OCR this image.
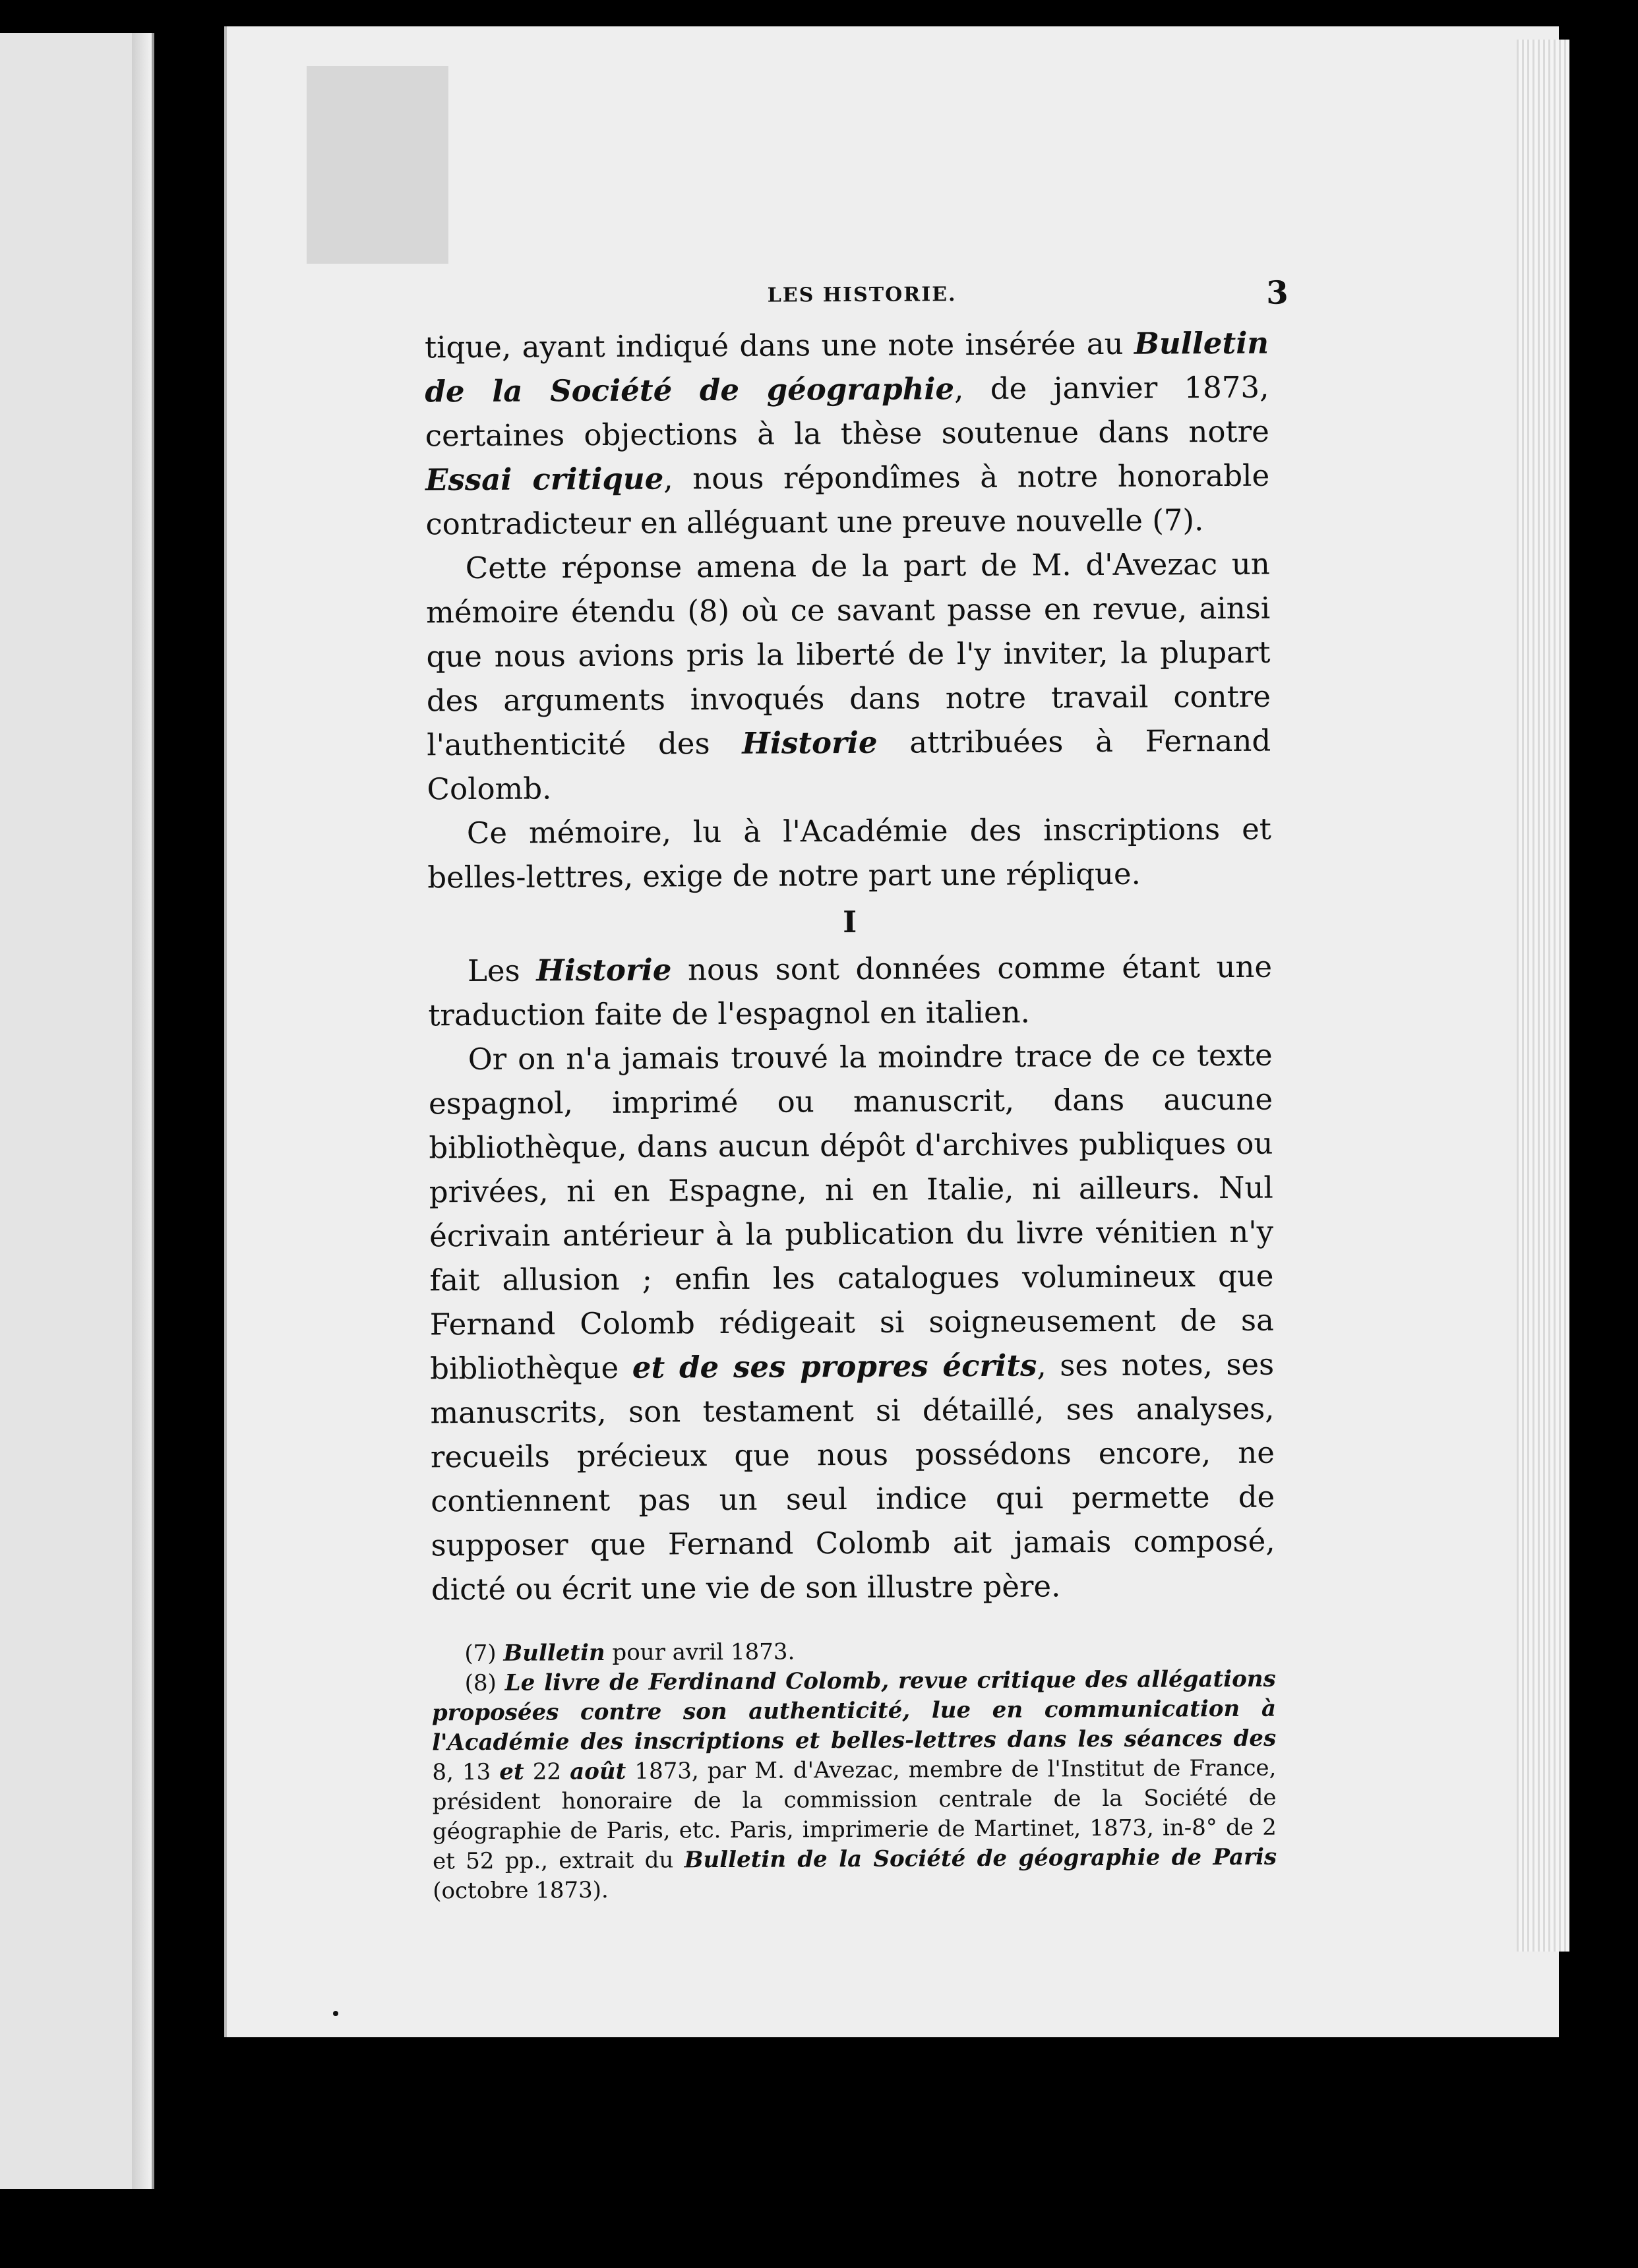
LES HISTORIE.	3

tique, ayant indiqué dans une note insérée au Bulletin de la Société de géographie, de janvier 1873, certaines objections à la thèse soutenue dans notre Essai critique, nous répondîmes à notre honorable contradicteur en alléguant une preuve nouvelle (7).

Cette réponse amena de la part de M. d'Avezac un mémoire étendu (8) où ce savant passe en revue, ainsi que nous avions pris la liberté de l'y inviter, la plupart des arguments invoqués dans notre travail contre l'authenticité des Historie attribuées à Fernand Colomb.

Ce mémoire, lu à l'Académie des inscriptions et belles-lettres, exige de notre part une réplique.

I

Les Historie nous sont données comme étant une traduction faite de l'espagnol en italien.

Or on n'a jamais trouvé la moindre trace de ce texte espagnol, imprimé ou manuscrit, dans aucune bibliothèque, dans aucun dépôt d'archives publiques ou privées, ni en Espagne, ni en Italie, ni ailleurs. Nul écrivain antérieur à la publication du livre vénitien n'y fait allusion ; enfin les catalogues volumineux que Fernand Colomb rédigeait si soigneusement de sa bibliothèque et de ses propres écrits, ses notes, ses manuscrits, son testament si détaillé, ses analyses, recueils précieux que nous possédons encore, ne contiennent pas un seul indice qui permette de supposer que Fernand Colomb ait jamais composé, dicté ou écrit une vie de son illustre père.

(7) Bulletin pour avril 1873.

(8) Le livre de Ferdinand Colomb, revue critique des allégations proposées contre son authenticité, lue en communication à l'Académie des inscriptions et belles-lettres dans les séances des 8, 13 et 22 août 1873, par M. d'Avezac, membre de l'Institut de France, président honoraire de la commission centrale de la Société de géographie de Paris, etc. Paris, imprimerie de Martinet, 1873, in-8° de 2 et 52 pp., extrait du Bulletin de la Société de géographie de Paris (octobre 1873).
